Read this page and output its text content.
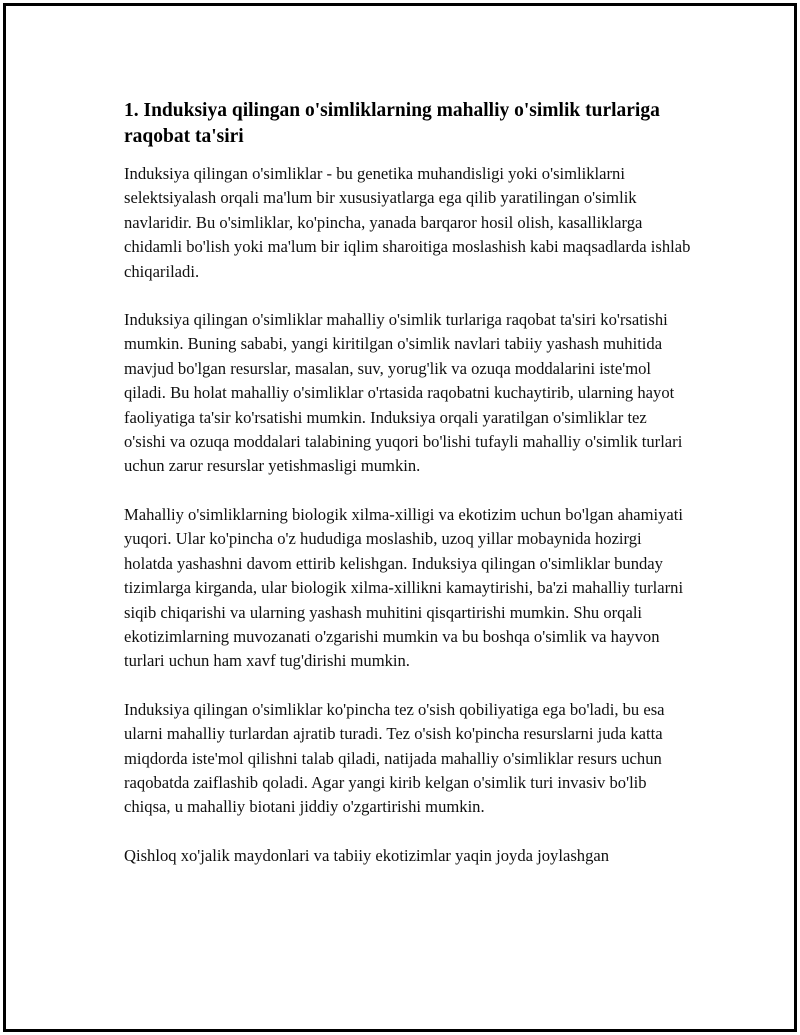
1. Induksiya qilingan o'simliklarning mahalliy o'simlik turlariga raqobat ta'siri

Induksiya qilingan o'simliklar - bu genetika muhandisligi yoki o'simliklarni selektsiyalash orqali ma'lum bir xususiyatlarga ega qilib yaratilingan o'simlik navlaridir. Bu o'simliklar, ko'pincha, yanada barqaror hosil olish, kasalliklarga chidamli bo'lish yoki ma'lum bir iqlim sharoitiga moslashish kabi maqsadlarda ishlab chiqariladi.

Induksiya qilingan o'simliklar mahalliy o'simlik turlariga raqobat ta'siri ko'rsatishi mumkin. Buning sababi, yangi kiritilgan o'simlik navlari tabiiy yashash muhitida mavjud bo'lgan resurslar, masalan, suv, yorug'lik va ozuqa moddalarini iste'mol qiladi. Bu holat mahalliy o'simliklar o'rtasida raqobatni kuchaytirib, ularning hayot faoliyatiga ta'sir ko'rsatishi mumkin. Induksiya orqali yaratilgan o'simliklar tez o'sishi va ozuqa moddalari talabining yuqori bo'lishi tufayli mahalliy o'simlik turlari uchun zarur resurslar yetishmasligi mumkin.

Mahalliy o'simliklarning biologik xilma-xilligi va ekotizim uchun bo'lgan ahamiyati yuqori. Ular ko'pincha o'z hududiga moslashib, uzoq yillar mobaynida hozirgi holatda yashashni davom ettirib kelishgan. Induksiya qilingan o'simliklar bunday tizimlarga kirganda, ular biologik xilma-xillikni kamaytirishi, ba'zi mahalliy turlarni siqib chiqarishi va ularning yashash muhitini qisqartirishi mumkin. Shu orqali ekotizimlarning muvozanati o'zgarishi mumkin va bu boshqa o'simlik va hayvon turlari uchun ham xavf tug'dirishi mumkin.

Induksiya qilingan o'simliklar ko'pincha tez o'sish qobiliyatiga ega bo'ladi, bu esa ularni mahalliy turlardan ajratib turadi. Tez o'sish ko'pincha resurslarni juda katta miqdorda iste'mol qilishni talab qiladi, natijada mahalliy o'simliklar resurs uchun raqobatda zaiflashib qoladi. Agar yangi kirib kelgan o'simlik turi invasiv bo'lib chiqsa, u mahalliy biotani jiddiy o'zgartirishi mumkin.

Qishloq xo'jalik maydonlari va tabiiy ekotizimlar yaqin joyda joylashgan
